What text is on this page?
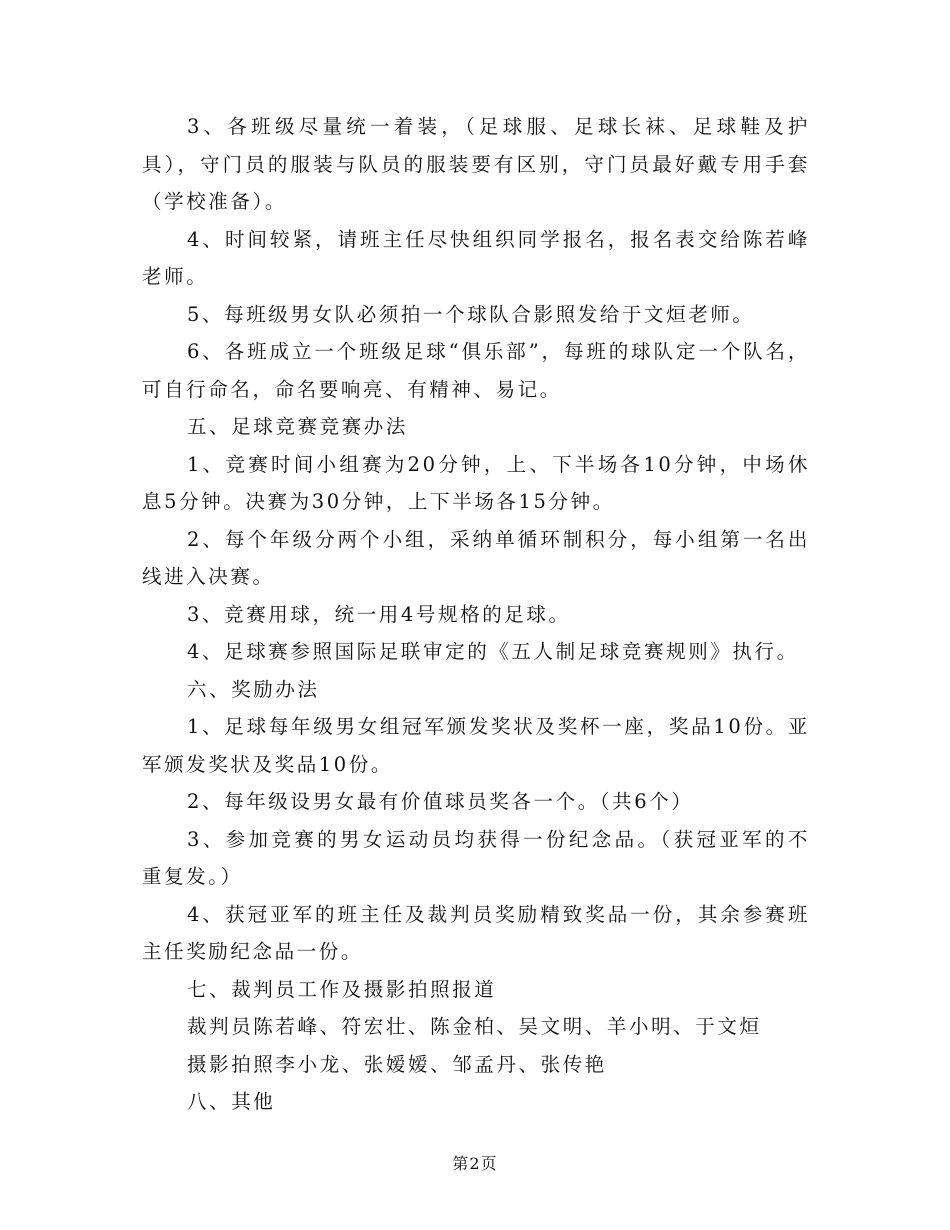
3、各班级尽量统一着装，（足球服、足球长袜、足球鞋及护具），守门员的服装与队员的服装要有区别，守门员最好戴专用手套（学校准备）。

4、时间较紧，请班主任尽快组织同学报名，报名表交给陈若峰老师。

5、每班级男女队必须拍一个球队合影照发给于文烜老师。

6、各班成立一个班级足球“俱乐部”，每班的球队定一个队名，可自行命名，命名要响亮、有精神、易记。

五、足球竞赛竞赛办法

1、竞赛时间小组赛为20分钟，上、下半场各10分钟，中场休息5分钟。决赛为30分钟，上下半场各15分钟。

2、每个年级分两个小组，采纳单循环制积分，每小组第一名出线进入决赛。

3、竞赛用球，统一用4号规格的足球。

4、足球赛参照国际足联审定的《五人制足球竞赛规则》执行。

六、奖励办法

1、足球每年级男女组冠军颁发奖状及奖杯一座，奖品10份。亚军颁发奖状及奖品10份。

2、每年级设男女最有价值球员奖各一个。（共6个）

3、参加竞赛的男女运动员均获得一份纪念品。（获冠亚军的不重复发。）

4、获冠亚军的班主任及裁判员奖励精致奖品一份，其余参赛班主任奖励纪念品一份。

七、裁判员工作及摄影拍照报道

裁判员陈若峰、符宏壮、陈金柏、吴文明、羊小明、于文烜

摄影拍照李小龙、张嫒嫒、邹孟丹、张传艳

八、其他

第2页
